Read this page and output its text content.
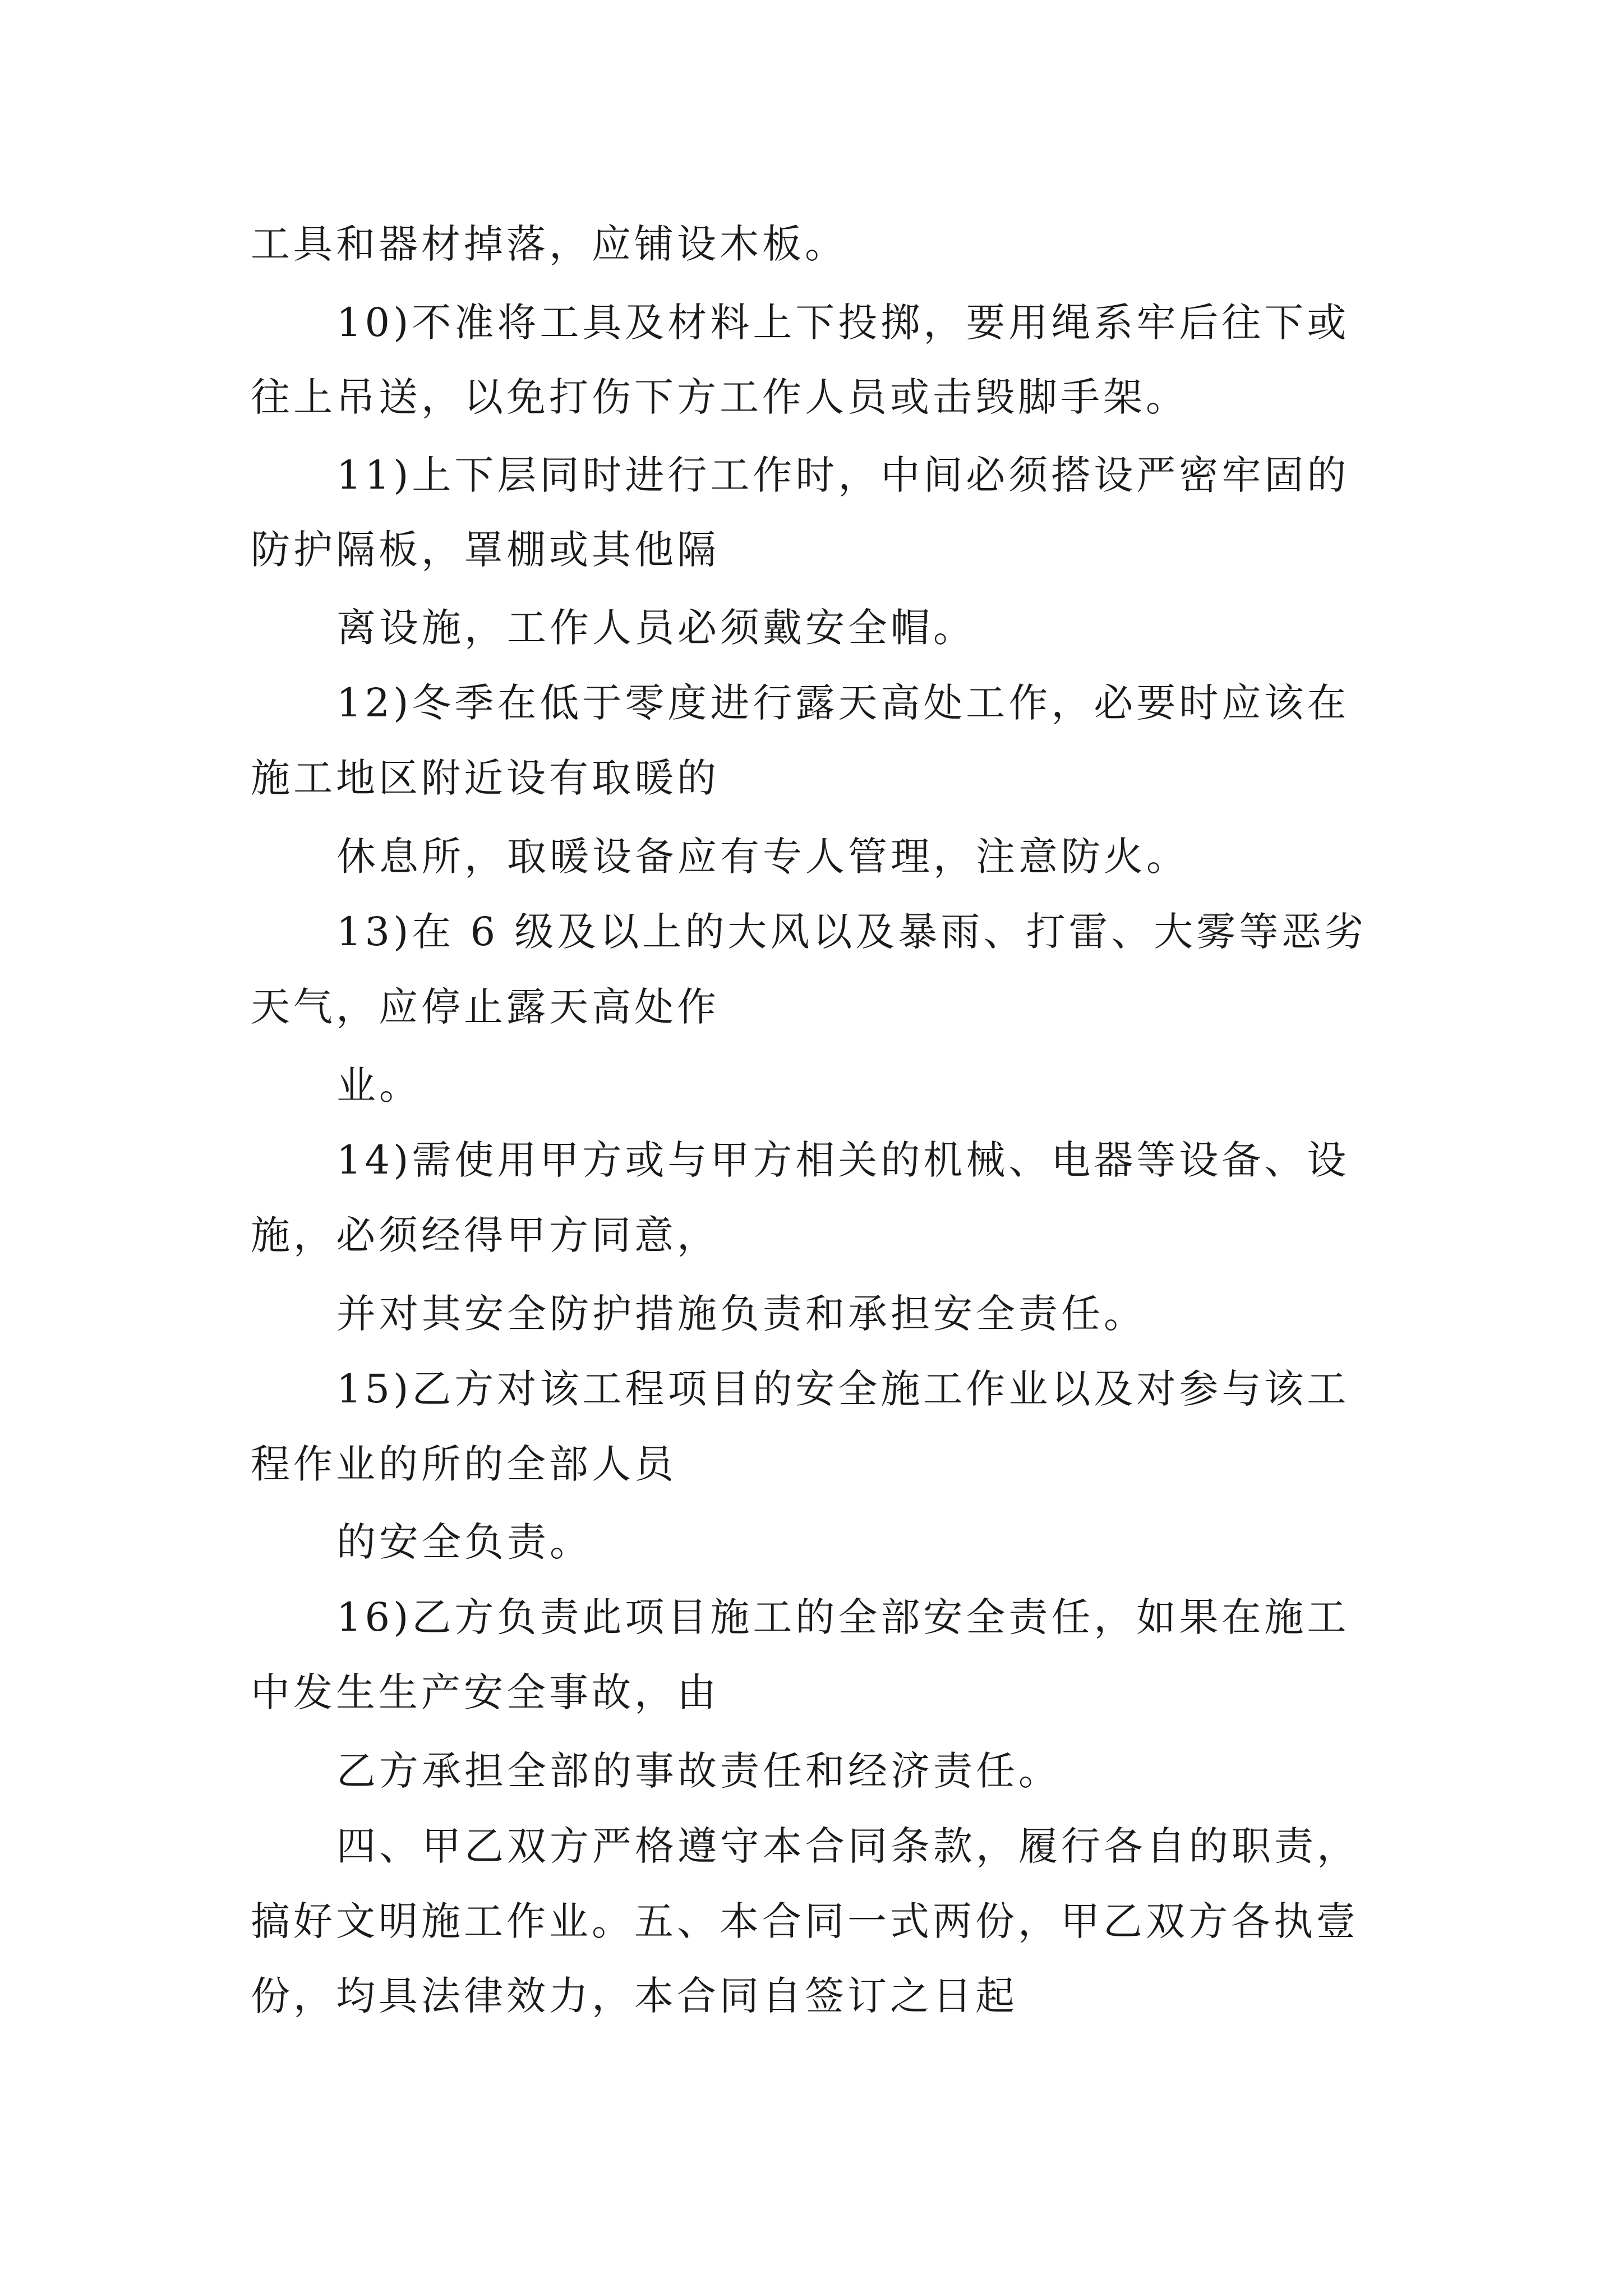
工具和器材掉落，应铺设木板。
10)不准将工具及材料上下投掷，要用绳系牢后往下或
往上吊送，以免打伤下方工作人员或击毁脚手架。
11)上下层同时进行工作时，中间必须搭设严密牢固的
防护隔板，罩棚或其他隔
离设施，工作人员必须戴安全帽。
12)冬季在低于零度进行露天高处工作，必要时应该在
施工地区附近设有取暖的
休息所，取暖设备应有专人管理，注意防火。
13)在 6 级及以上的大风以及暴雨、打雷、大雾等恶劣
天气，应停止露天高处作
业。
14)需使用甲方或与甲方相关的机械、电器等设备、设
施，必须经得甲方同意，
并对其安全防护措施负责和承担安全责任。
15)乙方对该工程项目的安全施工作业以及对参与该工
程作业的所的全部人员
的安全负责。
16)乙方负责此项目施工的全部安全责任，如果在施工
中发生生产安全事故，由
乙方承担全部的事故责任和经济责任。
四、甲乙双方严格遵守本合同条款，履行各自的职责，
搞好文明施工作业。五、本合同一式两份，甲乙双方各执壹
份，均具法律效力，本合同自签订之日起
